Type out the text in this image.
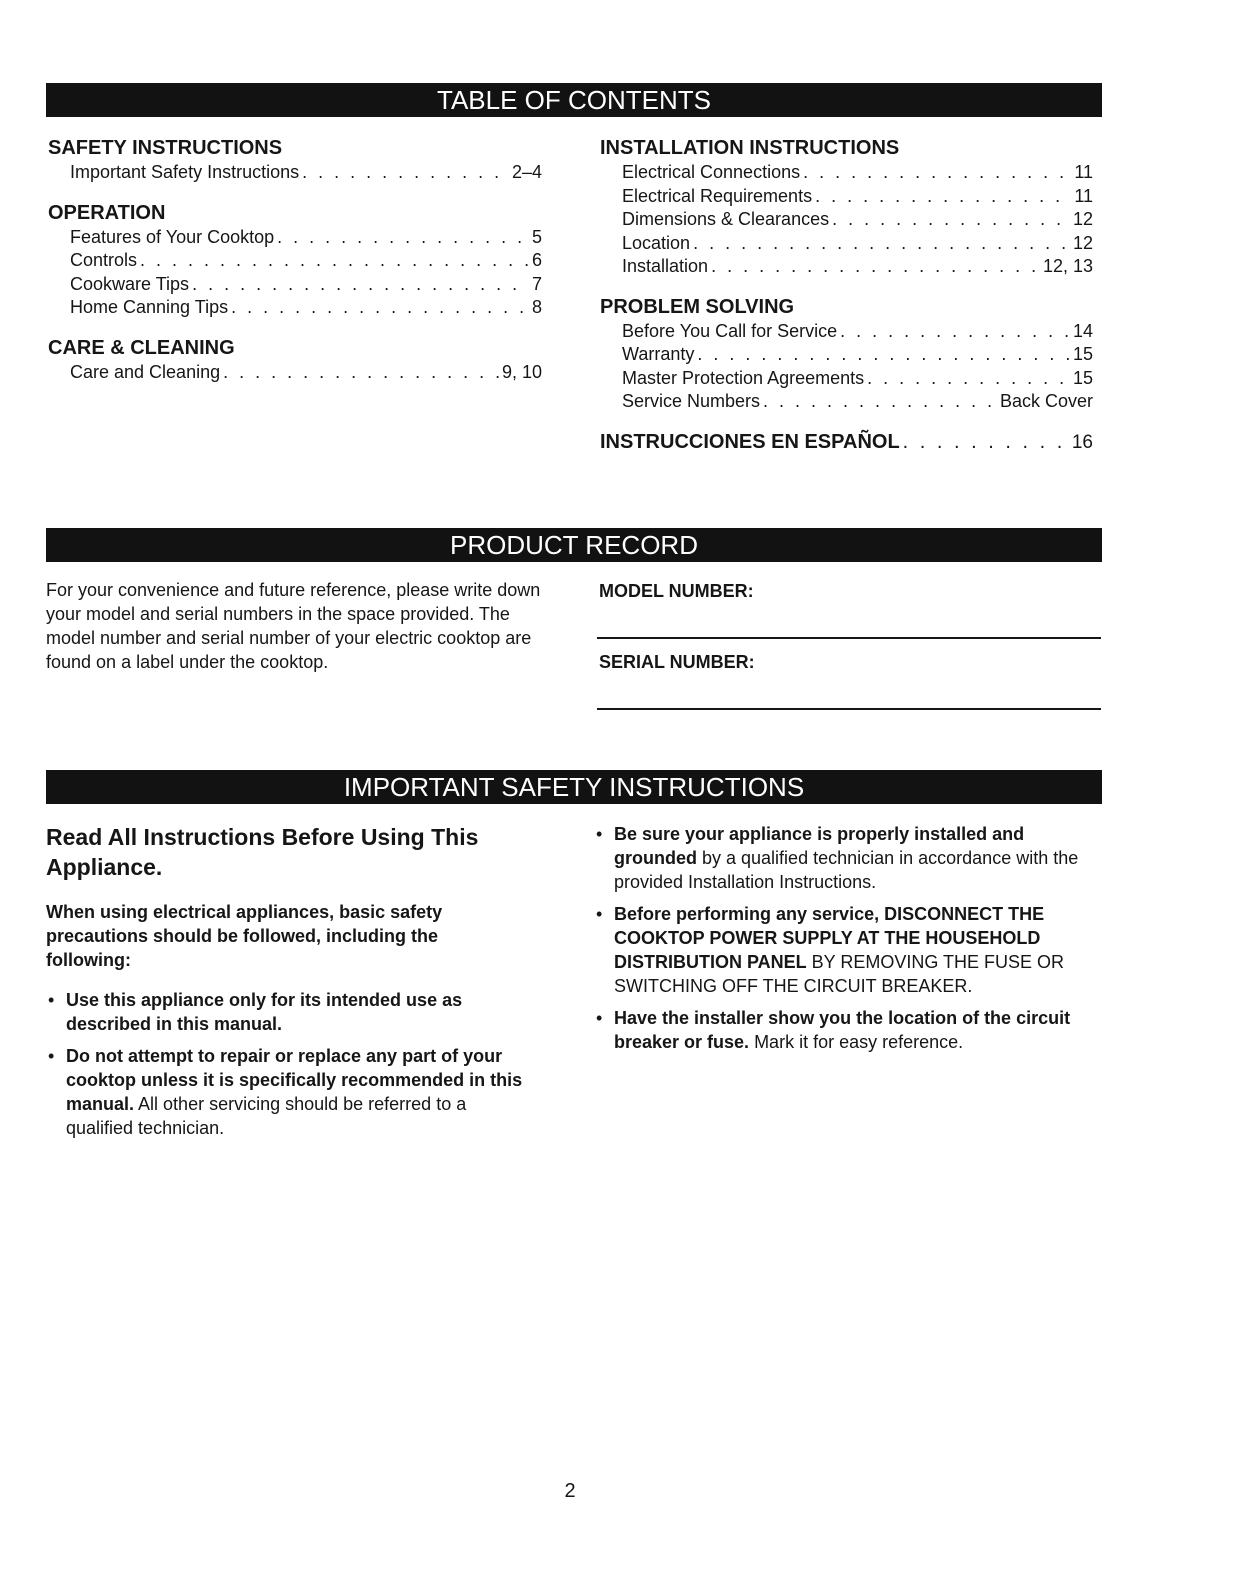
TABLE OF CONTENTS
SAFETY INSTRUCTIONS
Important Safety Instructions . . .	2–4
OPERATION
Features of Your Cooktop . . .	5
Controls . . .	6
Cookware Tips . . .	7
Home Canning Tips . . .	8
CARE & CLEANING
Care and Cleaning . . .	9, 10
INSTALLATION INSTRUCTIONS
Electrical Connections . . .	11
Electrical Requirements . . .	11
Dimensions & Clearances . . .	12
Location . . .	12
Installation . . .	12, 13
PROBLEM SOLVING
Before You Call for Service . . .	14
Warranty . . .	15
Master Protection Agreements . . .	15
Service Numbers . . .	Back Cover
INSTRUCCIONES EN ESPAÑOL . . .	16
PRODUCT RECORD
For your convenience and future reference, please write down your model and serial numbers in the space provided. The model number and serial number of your electric cooktop are found on a label under the cooktop.
MODEL NUMBER:
SERIAL NUMBER:
IMPORTANT SAFETY INSTRUCTIONS
Read All Instructions Before Using This Appliance.
When using electrical appliances, basic safety precautions should be followed, including the following:
• Use this appliance only for its intended use as described in this manual.
• Do not attempt to repair or replace any part of your cooktop unless it is specifically recommended in this manual. All other servicing should be referred to a qualified technician.
• Be sure your appliance is properly installed and grounded by a qualified technician in accordance with the provided Installation Instructions.
• Before performing any service, DISCONNECT THE COOKTOP POWER SUPPLY AT THE HOUSEHOLD DISTRIBUTION PANEL BY REMOVING THE FUSE OR SWITCHING OFF THE CIRCUIT BREAKER.
• Have the installer show you the location of the circuit breaker or fuse. Mark it for easy reference.
2
